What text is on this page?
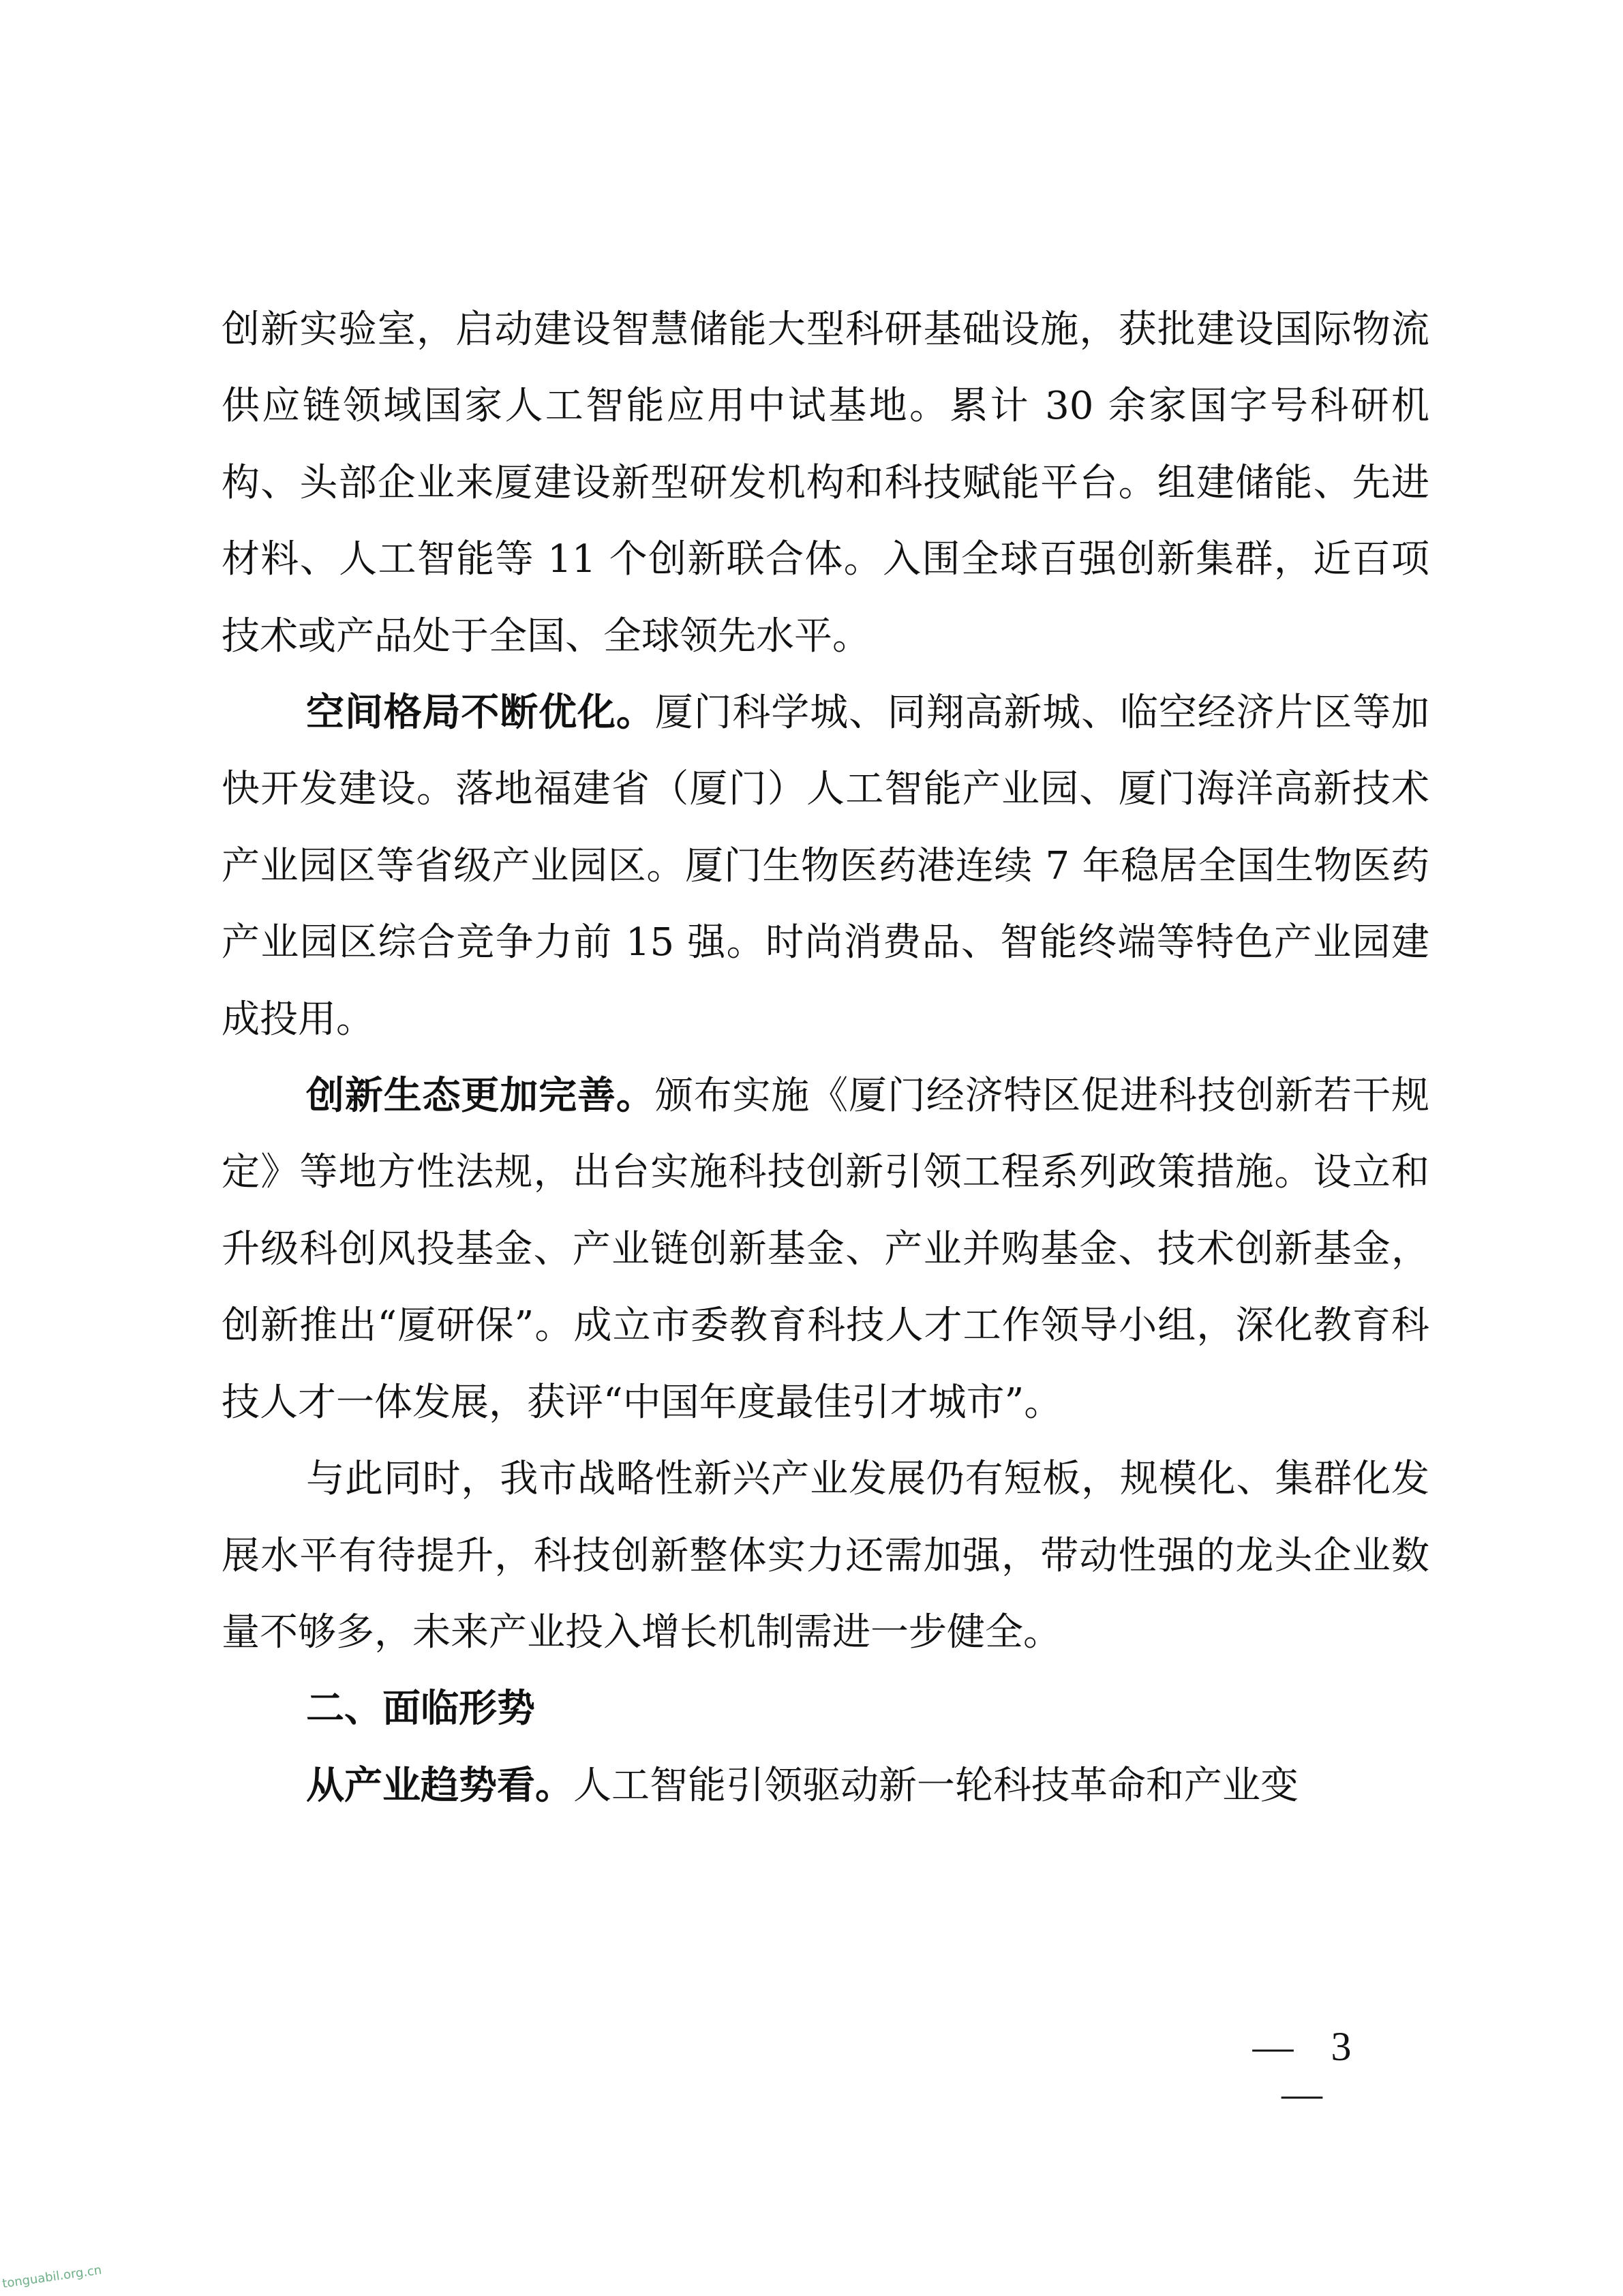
创新实验室，启动建设智慧储能大型科研基础设施，获批建设国际物流供应链领域国家人工智能应用中试基地。累计 30 余家国字号科研机构、头部企业来厦建设新型研发机构和科技赋能平台。组建储能、先进材料、人工智能等 11 个创新联合体。入围全球百强创新集群，近百项技术或产品处于全国、全球领先水平。

空间格局不断优化。厦门科学城、同翔高新城、临空经济片区等加快开发建设。落地福建省（厦门）人工智能产业园、厦门海洋高新技术产业园区等省级产业园区。厦门生物医药港连续 7 年稳居全国生物医药产业园区综合竞争力前 15 强。时尚消费品、智能终端等特色产业园建成投用。

创新生态更加完善。颁布实施《厦门经济特区促进科技创新若干规定》等地方性法规，出台实施科技创新引领工程系列政策措施。设立和升级科创风投基金、产业链创新基金、产业并购基金、技术创新基金，创新推出“厦研保”。成立市委教育科技人才工作领导小组，深化教育科技人才一体发展，获评“中国年度最佳引才城市”。

与此同时，我市战略性新兴产业发展仍有短板，规模化、集群化发展水平有待提升，科技创新整体实力还需加强，带动性强的龙头企业数量不够多，未来产业投入增长机制需进一步健全。

二、面临形势

从产业趋势看。人工智能引领驱动新一轮科技革命和产业变

— 3 —
tonguabil.org.cn
